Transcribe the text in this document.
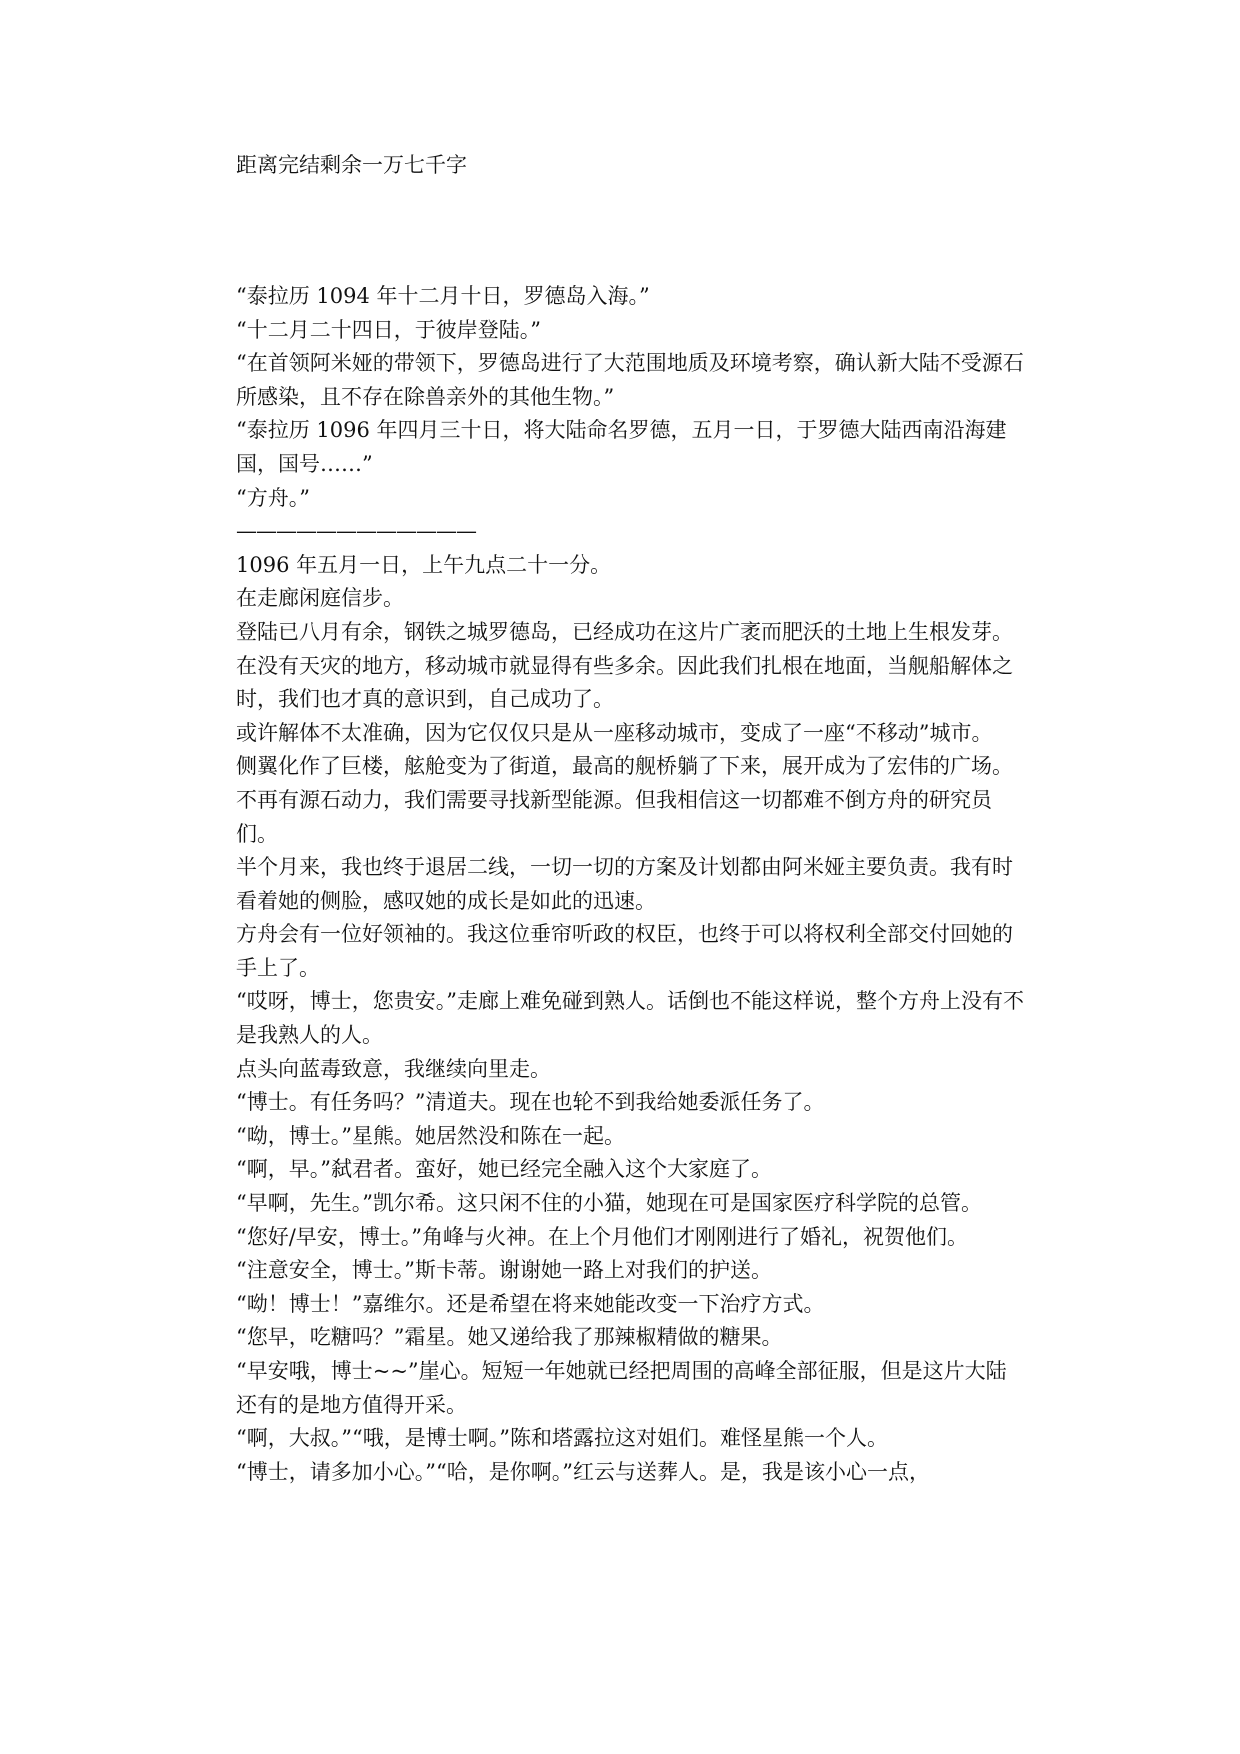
距离完结剩余一万七千字

“泰拉历 1094 年十二月十日，罗德岛入海。”

“十二月二十四日，于彼岸登陆。”

“在首领阿米娅的带领下，罗德岛进行了大范围地质及环境考察，确认新大陆不受源石所感染，且不存在除兽亲外的其他生物。”

“泰拉历 1096 年四月三十日，将大陆命名罗德，五月一日，于罗德大陆西南沿海建国，国号……”

“方舟。”

————————————

1096 年五月一日，上午九点二十一分。

在走廊闲庭信步。

登陆已八月有余，钢铁之城罗德岛，已经成功在这片广袤而肥沃的土地上生根发芽。

在没有天灾的地方，移动城市就显得有些多余。因此我们扎根在地面，当舰船解体之时，我们也才真的意识到，自己成功了。

或许解体不太准确，因为它仅仅只是从一座移动城市，变成了一座“不移动”城市。

侧翼化作了巨楼，舷舱变为了街道，最高的舰桥躺了下来，展开成为了宏伟的广场。

不再有源石动力，我们需要寻找新型能源。但我相信这一切都难不倒方舟的研究员们。

半个月来，我也终于退居二线，一切一切的方案及计划都由阿米娅主要负责。我有时看着她的侧脸，感叹她的成长是如此的迅速。

方舟会有一位好领袖的。我这位垂帘听政的权臣，也终于可以将权利全部交付回她的手上了。

“哎呀，博士，您贵安。”走廊上难免碰到熟人。话倒也不能这样说，整个方舟上没有不是我熟人的人。

点头向蓝毒致意，我继续向里走。

“博士。有任务吗？”清道夫。现在也轮不到我给她委派任务了。

“呦，博士。”星熊。她居然没和陈在一起。

“啊，早。”弑君者。蛮好，她已经完全融入这个大家庭了。

“早啊，先生。”凯尔希。这只闲不住的小猫，她现在可是国家医疗科学院的总管。

“您好/早安，博士。”角峰与火神。在上个月他们才刚刚进行了婚礼，祝贺他们。

“注意安全，博士。”斯卡蒂。谢谢她一路上对我们的护送。

“呦！博士！”嘉维尔。还是希望在将来她能改变一下治疗方式。

“您早，吃糖吗？”霜星。她又递给我了那辣椒精做的糖果。

“早安哦，博士~~”崖心。短短一年她就已经把周围的高峰全部征服，但是这片大陆还有的是地方值得开采。

“啊，大叔。”“哦，是博士啊。”陈和塔露拉这对姐们。难怪星熊一个人。

“博士，请多加小心。”“哈，是你啊。”红云与送葬人。是，我是该小心一点，
